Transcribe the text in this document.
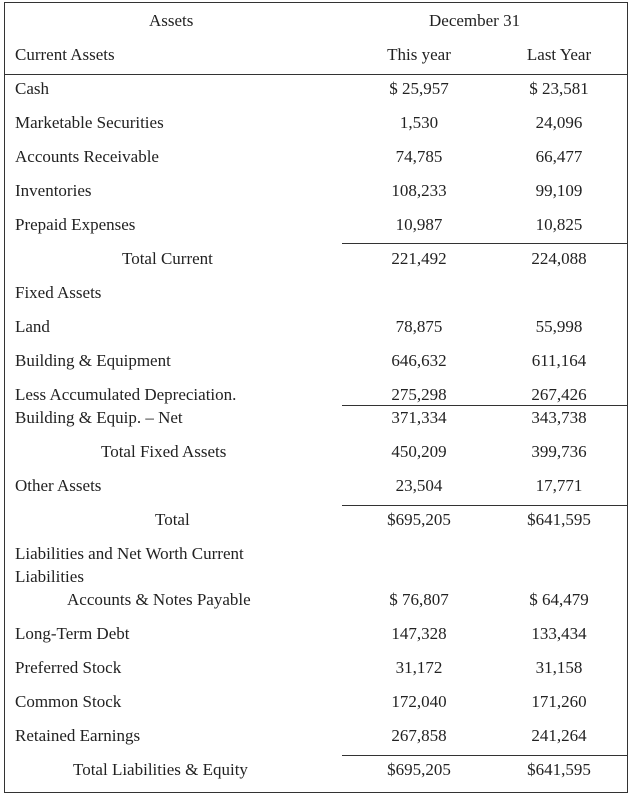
Assets	December 31
Current Assets	This year	Last Year
Cash	$ 25,957	$ 23,581
Marketable Securities	1,530	24,096
Accounts Receivable	74,785	66,477
Inventories	108,233	99,109
Prepaid Expenses	10,987	10,825
Total Current	221,492	224,088
Fixed Assets
Land	78,875	55,998
Building & Equipment	646,632	611,164
Less Accumulated Depreciation.	275,298	267,426
Building & Equip. – Net	371,334	343,738
Total Fixed Assets	450,209	399,736
Other Assets	23,504	17,771
Total	$695,205	$641,595
Liabilities and Net Worth Current
Liabilities
Accounts & Notes Payable	$ 76,807	$ 64,479
Long-Term Debt	147,328	133,434
Preferred Stock	31,172	31,158
Common Stock	172,040	171,260
Retained Earnings	267,858	241,264
Total Liabilities & Equity	$695,205	$641,595
